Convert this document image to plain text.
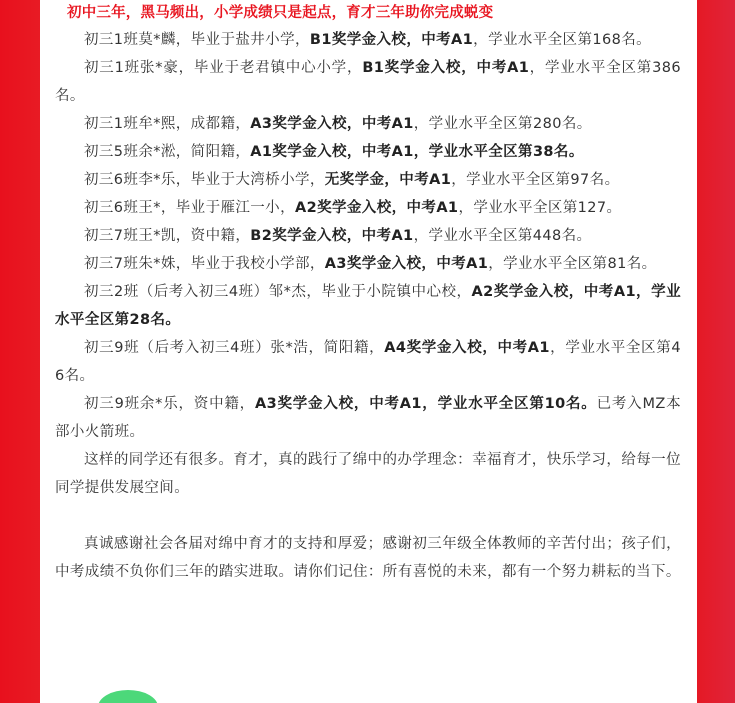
初中三年，黑马频出，小学成绩只是起点，育才三年助你完成蜕变

初三1班莫*麟，毕业于盐井小学，B1奖学金入校，中考A1，学业水平全区第168名。

初三1班张*豪，毕业于老君镇中心小学，B1奖学金入校，中考A1，学业水平全区第386名。

初三1班牟*熙，成都籍，A3奖学金入校，中考A1，学业水平全区第280名。

初三5班余*淞，简阳籍，A1奖学金入校，中考A1，学业水平全区第38名。

初三6班李*乐，毕业于大湾桥小学，无奖学金，中考A1，学业水平全区第97名。

初三6班王*，毕业于雁江一小，A2奖学金入校，中考A1，学业水平全区第127。

初三7班王*凯，资中籍，B2奖学金入校，中考A1，学业水平全区第448名。

初三7班朱*姝，毕业于我校小学部，A3奖学金入校，中考A1，学业水平全区第81名。

初三2班（后考入初三4班）邹*杰，毕业于小院镇中心校，A2奖学金入校，中考A1，学业水平全区第28名。

初三9班（后考入初三4班）张*浩，简阳籍，A4奖学金入校，中考A1，学业水平全区第46名。

初三9班余*乐，资中籍，A3奖学金入校，中考A1，学业水平全区第10名。已考入MZ本部小火箭班。

这样的同学还有很多。育才，真的践行了绵中的办学理念：幸福育才，快乐学习，给每一位同学提供发展空间。

真诚感谢社会各届对绵中育才的支持和厚爱；感谢初三年级全体教师的辛苦付出；孩子们，中考成绩不负你们三年的踏实进取。请你们记住：所有喜悦的未来，都有一个努力耕耘的当下。
